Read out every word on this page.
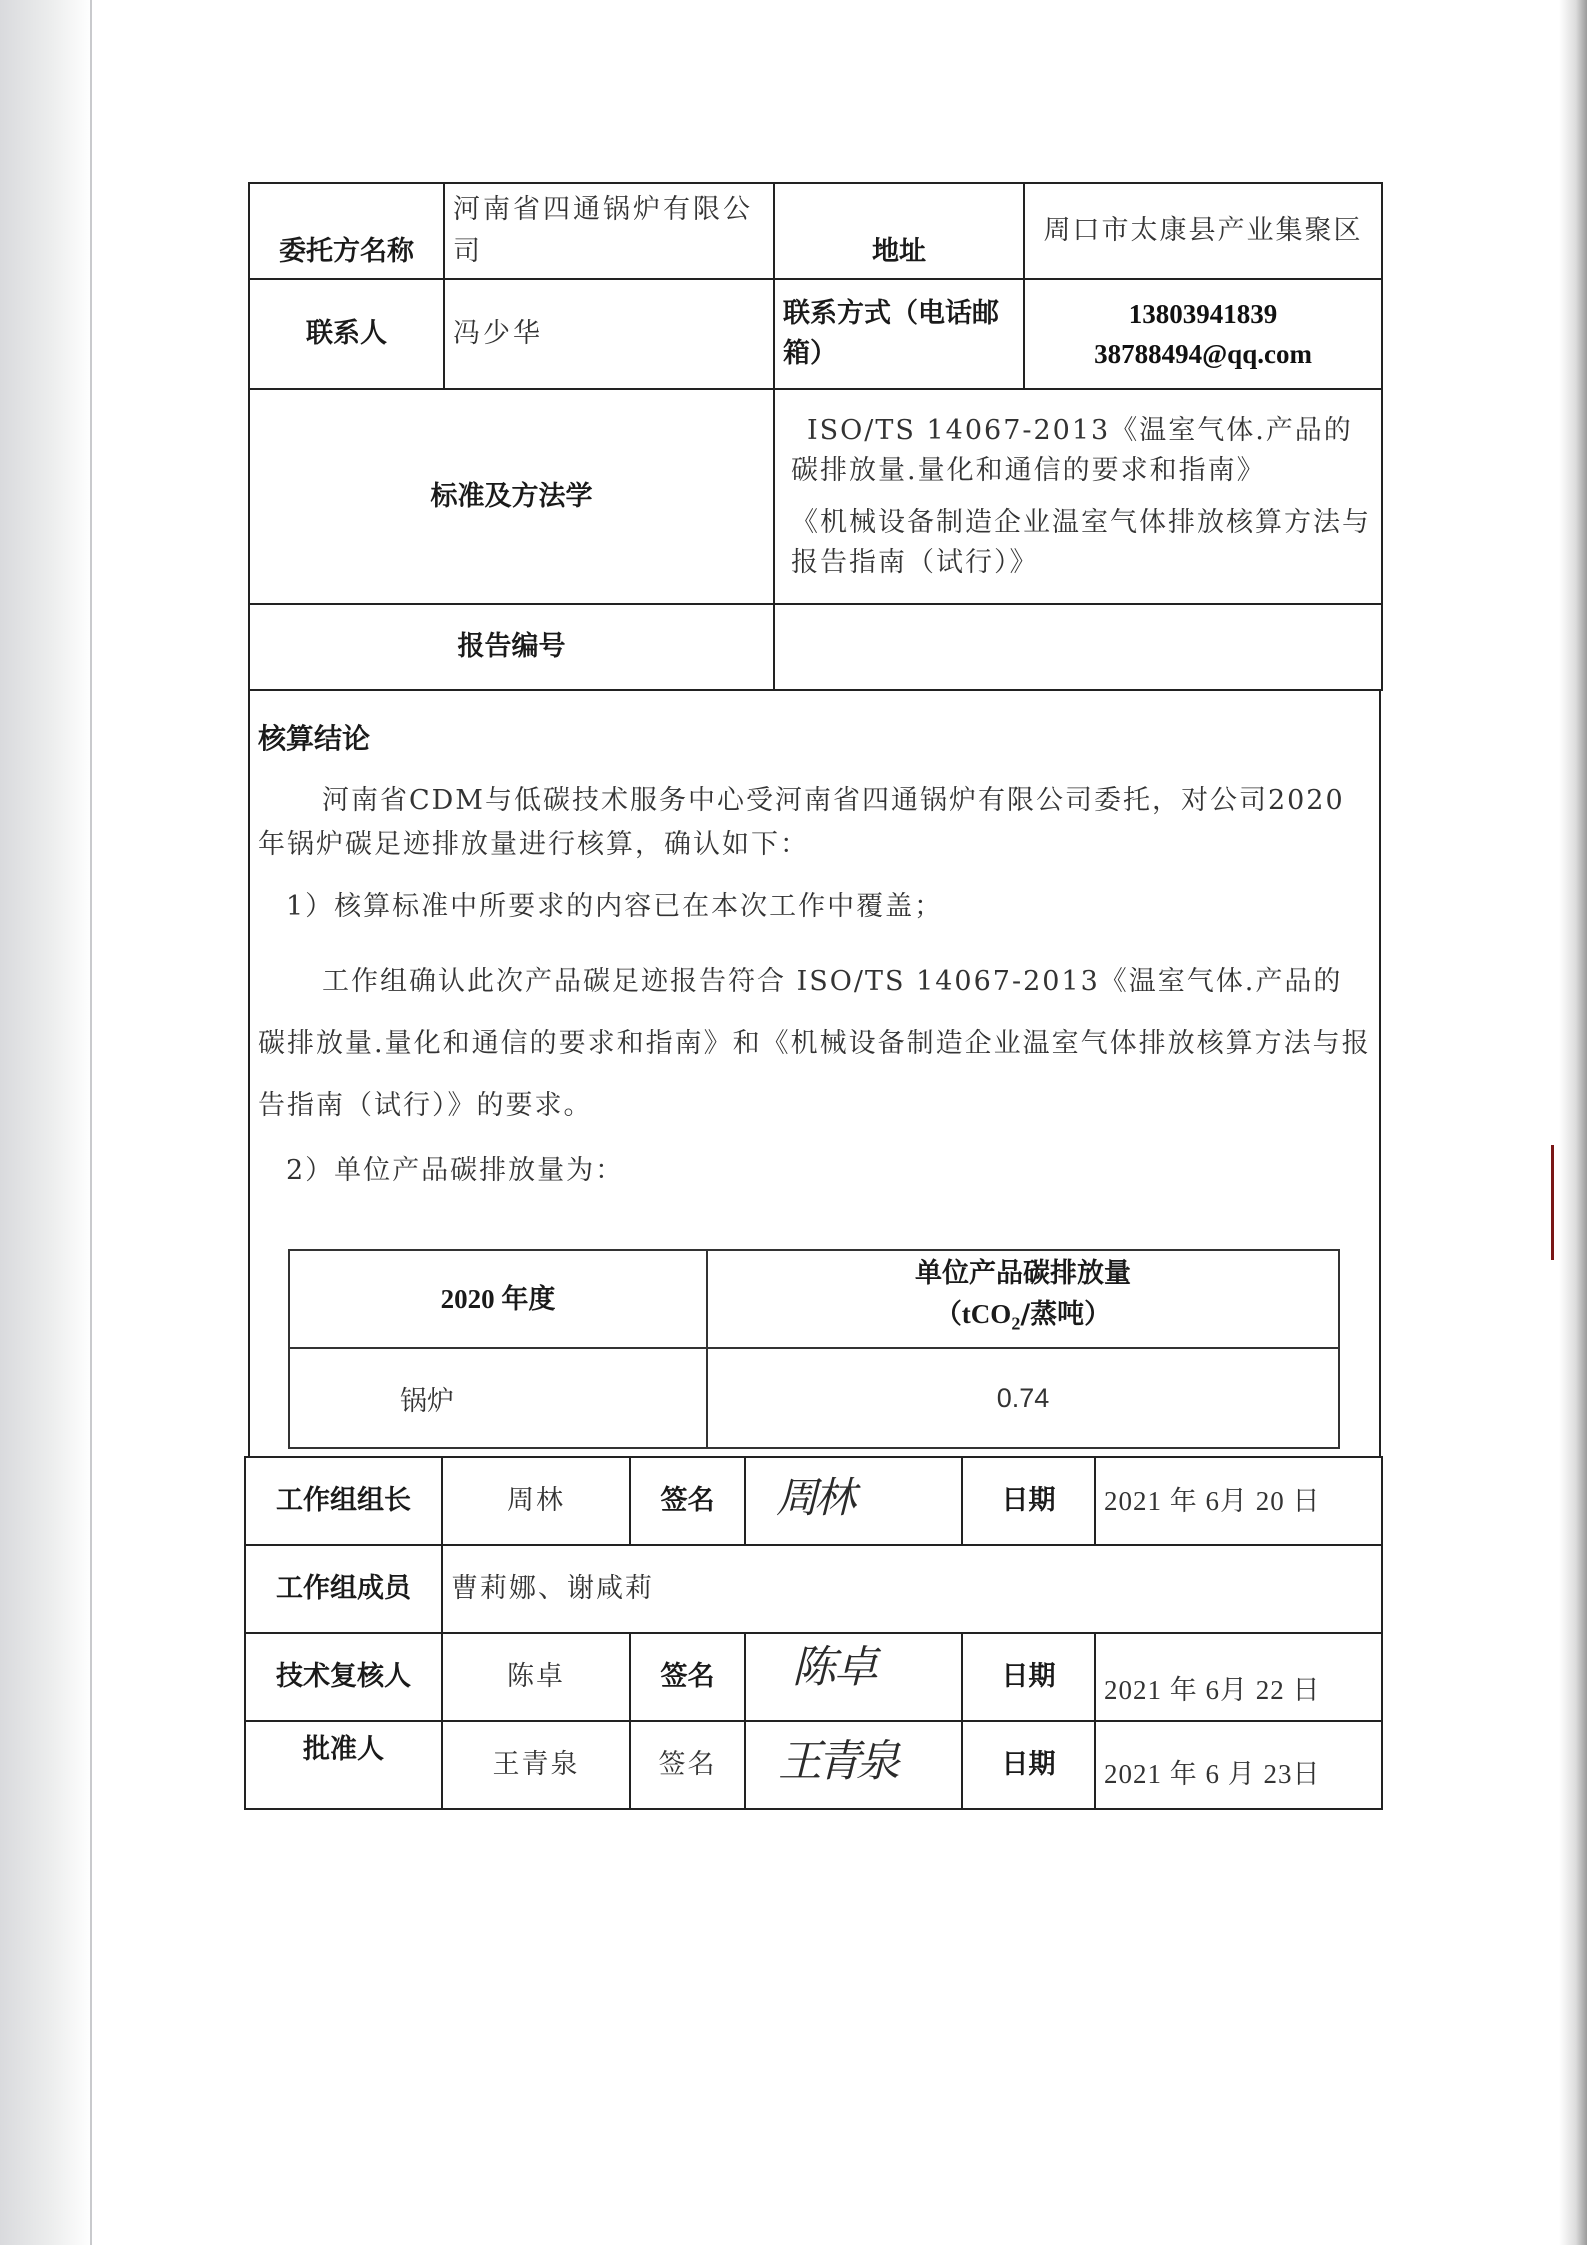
委托方名称	河南省四通锅炉有限公司	地址	周口市太康县产业集聚区
联系人	冯少华	联系方式（电话邮箱）	13803941839
38788494@qq.com

标准及方法学		ISO/TS 14067-2013《温室气体.产品的碳排放量.量化和通信的要求和指南》

《机械设备制造企业温室气体排放核算方法与报告指南（试行）》	

报告编号			
核算结论

河南省CDM与低碳技术服务中心受河南省四通锅炉有限公司委托，对公司2020 年锅炉碳足迹排放量进行核算，确认如下：

1）核算标准中所要求的内容已在本次工作中覆盖；

工作组确认此次产品碳足迹报告符合 ISO/TS 14067-2013《温室气体.产品的碳排放量.量化和通信的要求和指南》和《机械设备制造企业温室气体排放核算方法与报告指南（试行）》的要求。

2）单位产品碳排放量为：

2020 年度	单位产品碳排放量
（tCO$_2$/蒸吨）

锅炉	0.74
工作组组长	周林	签名	周林	日期	2021 年 6月 20 日
工作组成员	曹莉娜、谢咸莉				
技术复核人	陈卓	签名	陈卓	日期	2021 年 6月 22 日
批准人	王青泉	签名	王青泉	日期	2021 年 6 月 23日
